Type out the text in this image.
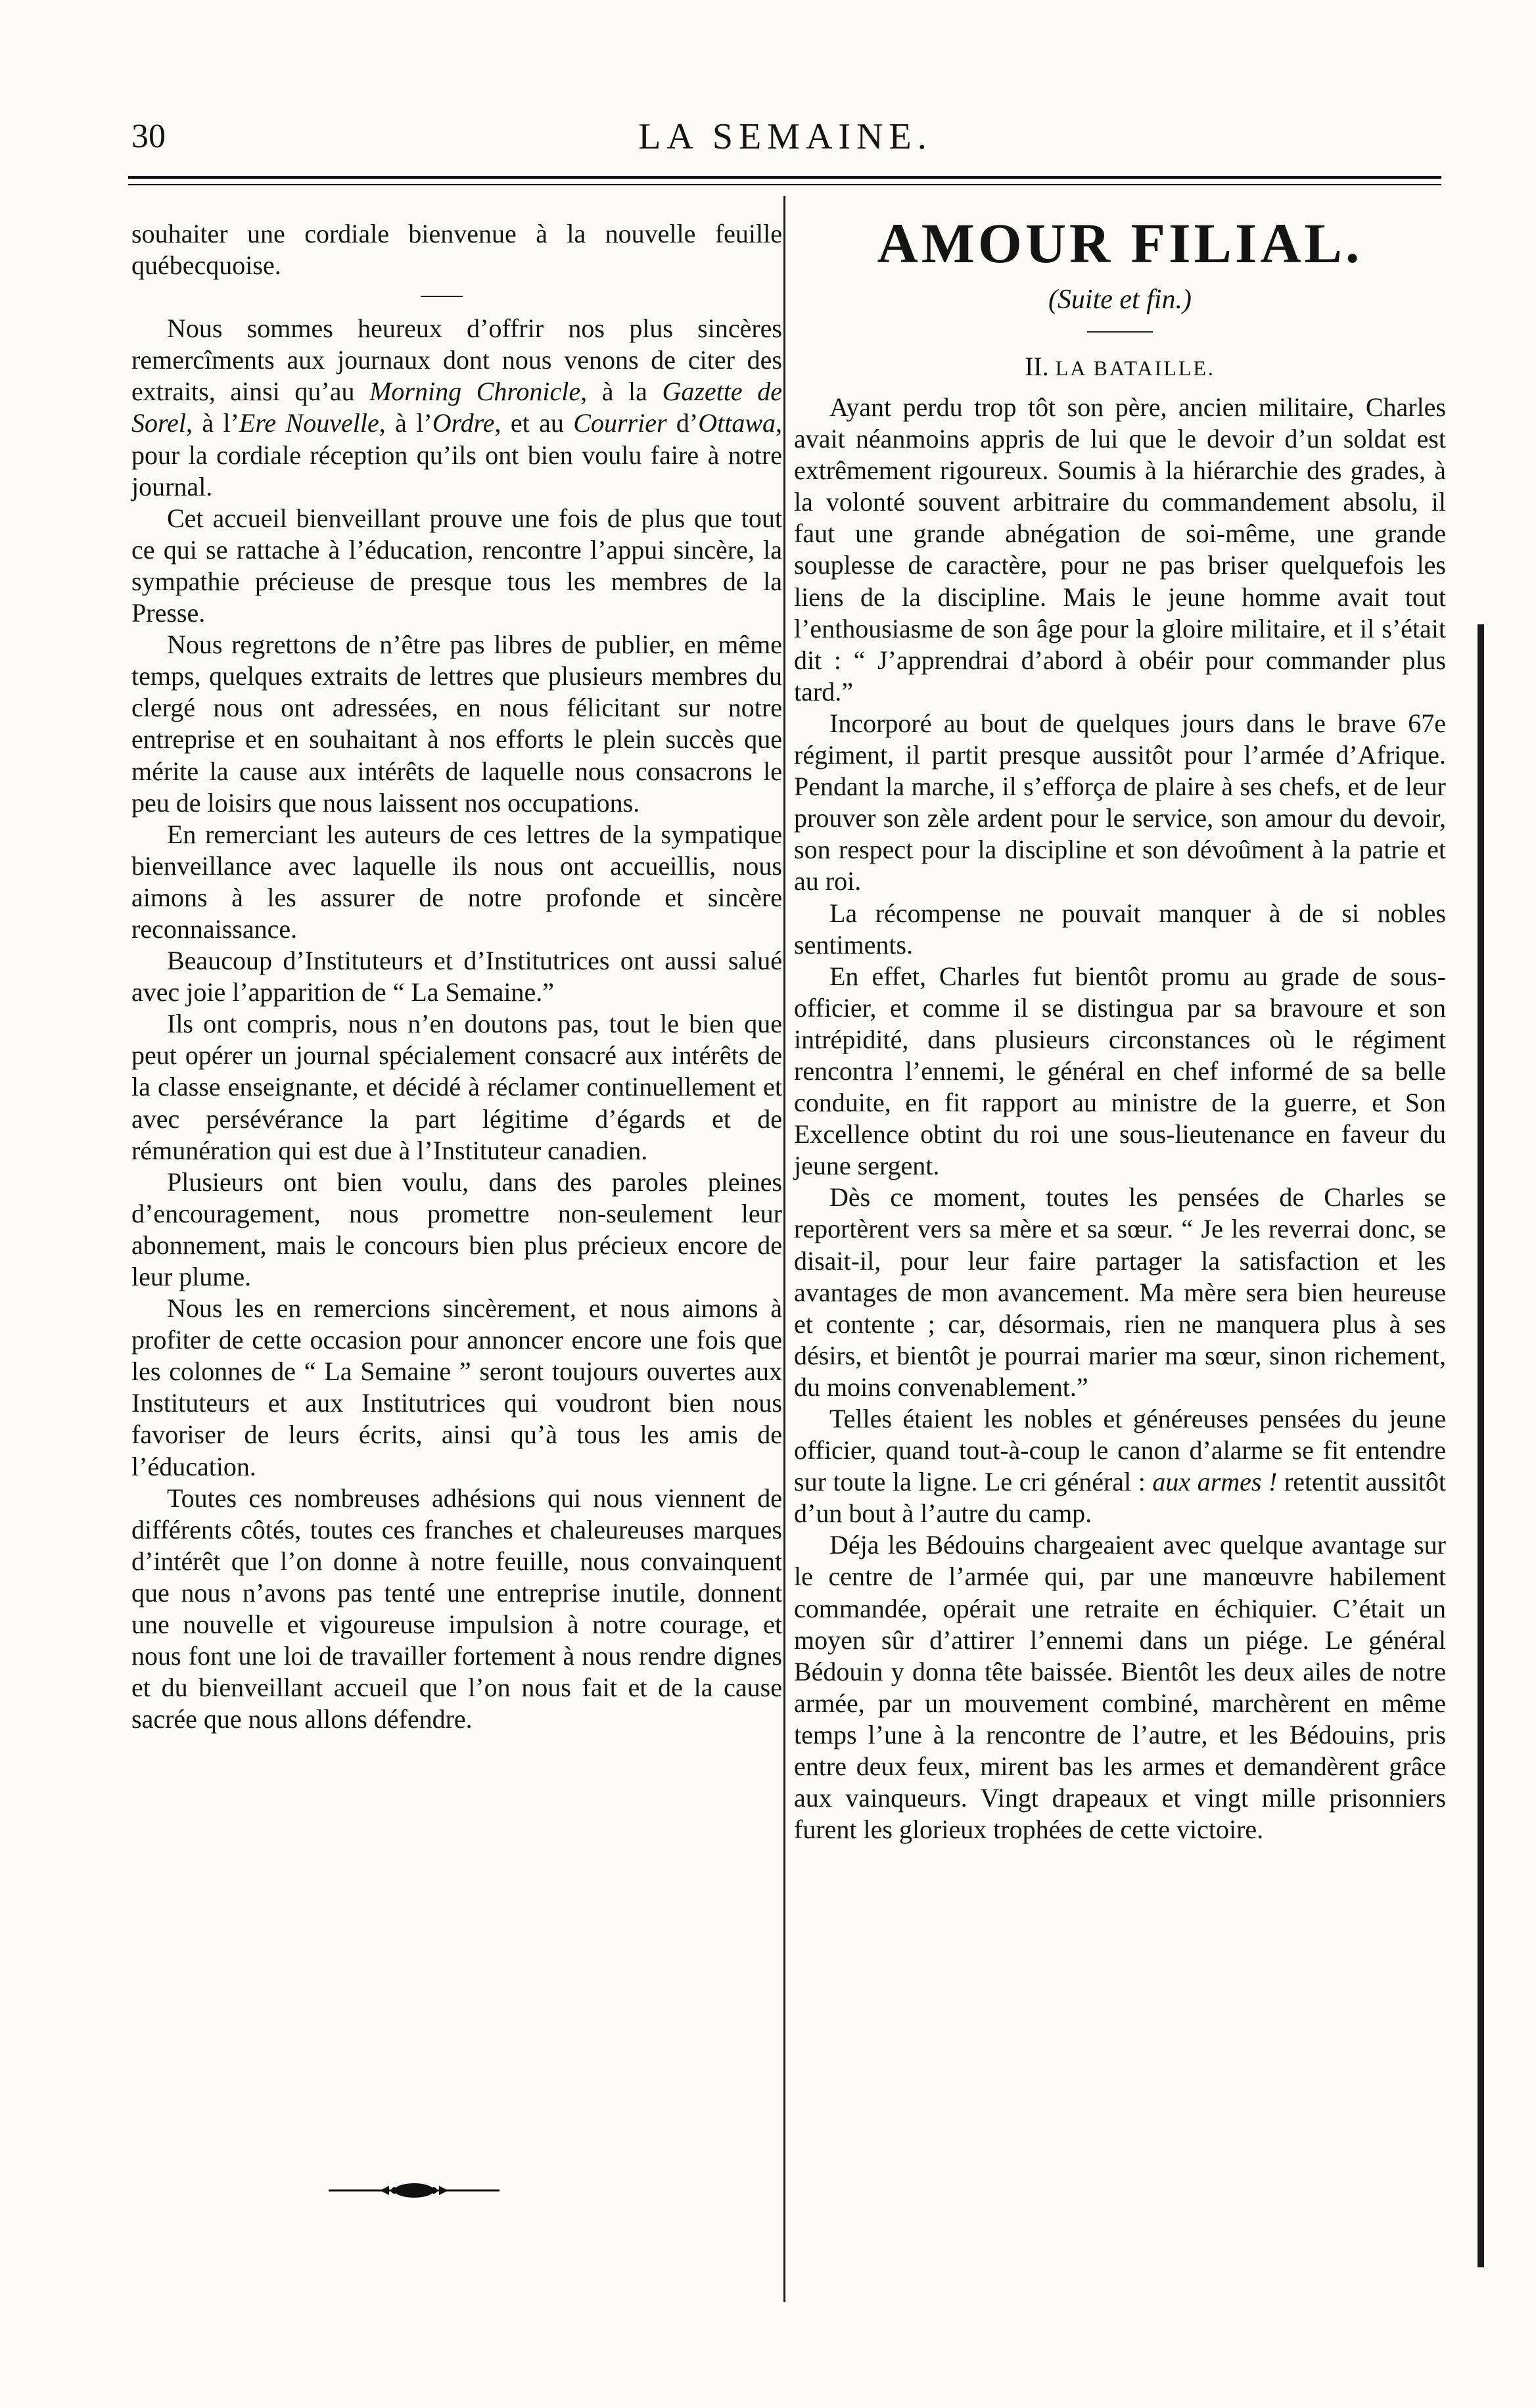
30	LA SEMAINE.

souhaiter une cordiale bienvenue à la nouvelle feuille québecquoise.

Nous sommes heureux d’offrir nos plus sincères remercîments aux journaux dont nous venons de citer des extraits, ainsi qu’au Morning Chronicle, à la Gazette de Sorel, à l’Ere Nouvelle, à l’Ordre, et au Courrier d’Ottawa, pour la cordiale réception qu’ils ont bien voulu faire à notre journal.

Cet accueil bienveillant prouve une fois de plus que tout ce qui se rattache à l’éducation, rencontre l’appui sincère, la sympathie précieuse de presque tous les membres de la Presse.

Nous regrettons de n’être pas libres de publier, en même temps, quelques extraits de lettres que plusieurs membres du clergé nous ont adressées, en nous félicitant sur notre entreprise et en souhaitant à nos efforts le plein succès que mérite la cause aux intérêts de laquelle nous consacrons le peu de loisirs que nous laissent nos occupations.

En remerciant les auteurs de ces lettres de la sympatique bienveillance avec laquelle ils nous ont accueillis, nous aimons à les assurer de notre profonde et sincère reconnaissance.

Beaucoup d’Instituteurs et d’Institutrices ont aussi salué avec joie l’apparition de “ La Semaine.”

Ils ont compris, nous n’en doutons pas, tout le bien que peut opérer un journal spécialement consacré aux intérêts de la classe enseignante, et décidé à réclamer continuellement et avec persévérance la part légitime d’égards et de rémunération qui est due à l’Instituteur canadien.

Plusieurs ont bien voulu, dans des paroles pleines d’encouragement, nous promettre non-seulement leur abonnement, mais le concours bien plus précieux encore de leur plume.

Nous les en remercions sincèrement, et nous aimons à profiter de cette occasion pour annoncer encore une fois que les colonnes de “ La Semaine ” seront toujours ouvertes aux Instituteurs et aux Institutrices qui voudront bien nous favoriser de leurs écrits, ainsi qu’à tous les amis de l’éducation.

Toutes ces nombreuses adhésions qui nous viennent de différents côtés, toutes ces franches et chaleureuses marques d’intérêt que l’on donne à notre feuille, nous convainquent que nous n’avons pas tenté une entreprise inutile, donnent une nouvelle et vigoureuse impulsion à notre courage, et nous font une loi de travailler fortement à nous rendre dignes et du bienveillant accueil que l’on nous fait et de la cause sacrée que nous allons défendre.

AMOUR FILIAL.
(Suite et fin.)
II. LA BATAILLE.

Ayant perdu trop tôt son père, ancien militaire, Charles avait néanmoins appris de lui que le devoir d’un soldat est extrêmement rigoureux. Soumis à la hiérarchie des grades, à la volonté souvent arbitraire du commandement absolu, il faut une grande abnégation de soi-même, une grande souplesse de caractère, pour ne pas briser quelquefois les liens de la discipline. Mais le jeune homme avait tout l’enthousiasme de son âge pour la gloire militaire, et il s’était dit : “ J’apprendrai d’abord à obéir pour commander plus tard.”

Incorporé au bout de quelques jours dans le brave 67e régiment, il partit presque aussitôt pour l’armée d’Afrique. Pendant la marche, il s’efforça de plaire à ses chefs, et de leur prouver son zèle ardent pour le service, son amour du devoir, son respect pour la discipline et son dévoûment à la patrie et au roi.

La récompense ne pouvait manquer à de si nobles sentiments.

En effet, Charles fut bientôt promu au grade de sous-officier, et comme il se distingua par sa bravoure et son intrépidité, dans plusieurs circonstances où le régiment rencontra l’ennemi, le général en chef informé de sa belle conduite, en fit rapport au ministre de la guerre, et Son Excellence obtint du roi une sous-lieutenance en faveur du jeune sergent.

Dès ce moment, toutes les pensées de Charles se reportèrent vers sa mère et sa sœur. “ Je les reverrai donc, se disait-il, pour leur faire partager la satisfaction et les avantages de mon avancement. Ma mère sera bien heureuse et contente ; car, désormais, rien ne manquera plus à ses désirs, et bientôt je pourrai marier ma sœur, sinon richement, du moins convenablement.”

Telles étaient les nobles et généreuses pensées du jeune officier, quand tout-à-coup le canon d’alarme se fit entendre sur toute la ligne. Le cri général : aux armes ! retentit aussitôt d’un bout à l’autre du camp.

Déja les Bédouins chargeaient avec quelque avantage sur le centre de l’armée qui, par une manœuvre habilement commandée, opérait une retraite en échiquier. C’était un moyen sûr d’attirer l’ennemi dans un piége. Le général Bédouin y donna tête baissée. Bientôt les deux ailes de notre armée, par un mouvement combiné, marchèrent en même temps l’une à la rencontre de l’autre, et les Bédouins, pris entre deux feux, mirent bas les armes et demandèrent grâce aux vainqueurs. Vingt drapeaux et vingt mille prisonniers furent les glorieux trophées de cette victoire.
